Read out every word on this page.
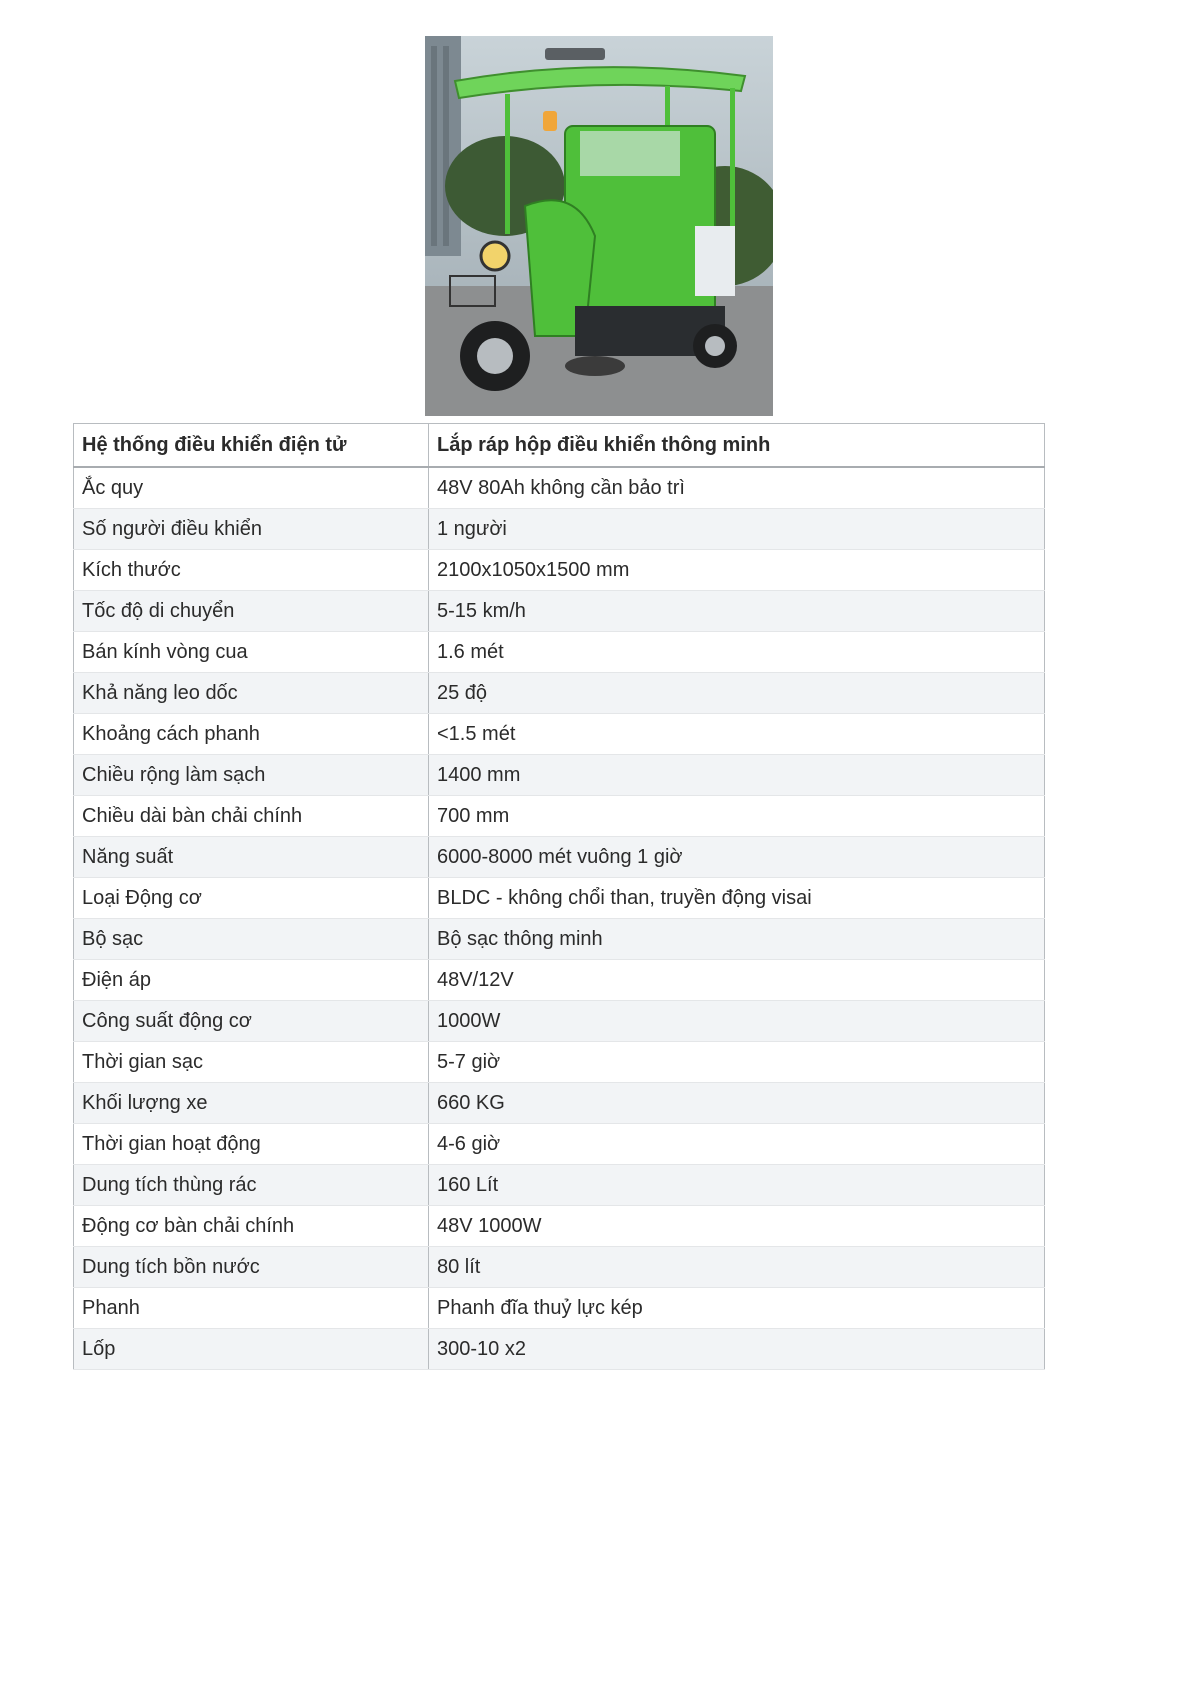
Hệ thống điều khiển điện tử	Lắp ráp hộp điều khiển thông minh
Ắc quy	48V 80Ah không cần bảo trì
Số người điều khiển	1 người
Kích thước	2100x1050x1500 mm
Tốc độ di chuyển	5-15 km/h
Bán kính vòng cua	1.6 mét
Khả năng leo dốc	25 độ
Khoảng cách phanh	<1.5 mét
Chiều rộng làm sạch	1400 mm
Chiều dài bàn chải chính	700 mm
Năng suất	6000-8000 mét vuông 1 giờ
Loại Động cơ	BLDC - không chổi than, truyền động visai
Bộ sạc	Bộ sạc thông minh
Điện áp	48V/12V
Công suất động cơ	1000W
Thời gian sạc	5-7 giờ
Khối lượng xe	660 KG
Thời gian hoạt động	4-6 giờ
Dung tích thùng rác	160 Lít
Động cơ bàn chải chính	48V 1000W
Dung tích bồn nước	80 lít
Phanh	Phanh đĩa thuỷ lực kép
Lốp	300-10 x2
